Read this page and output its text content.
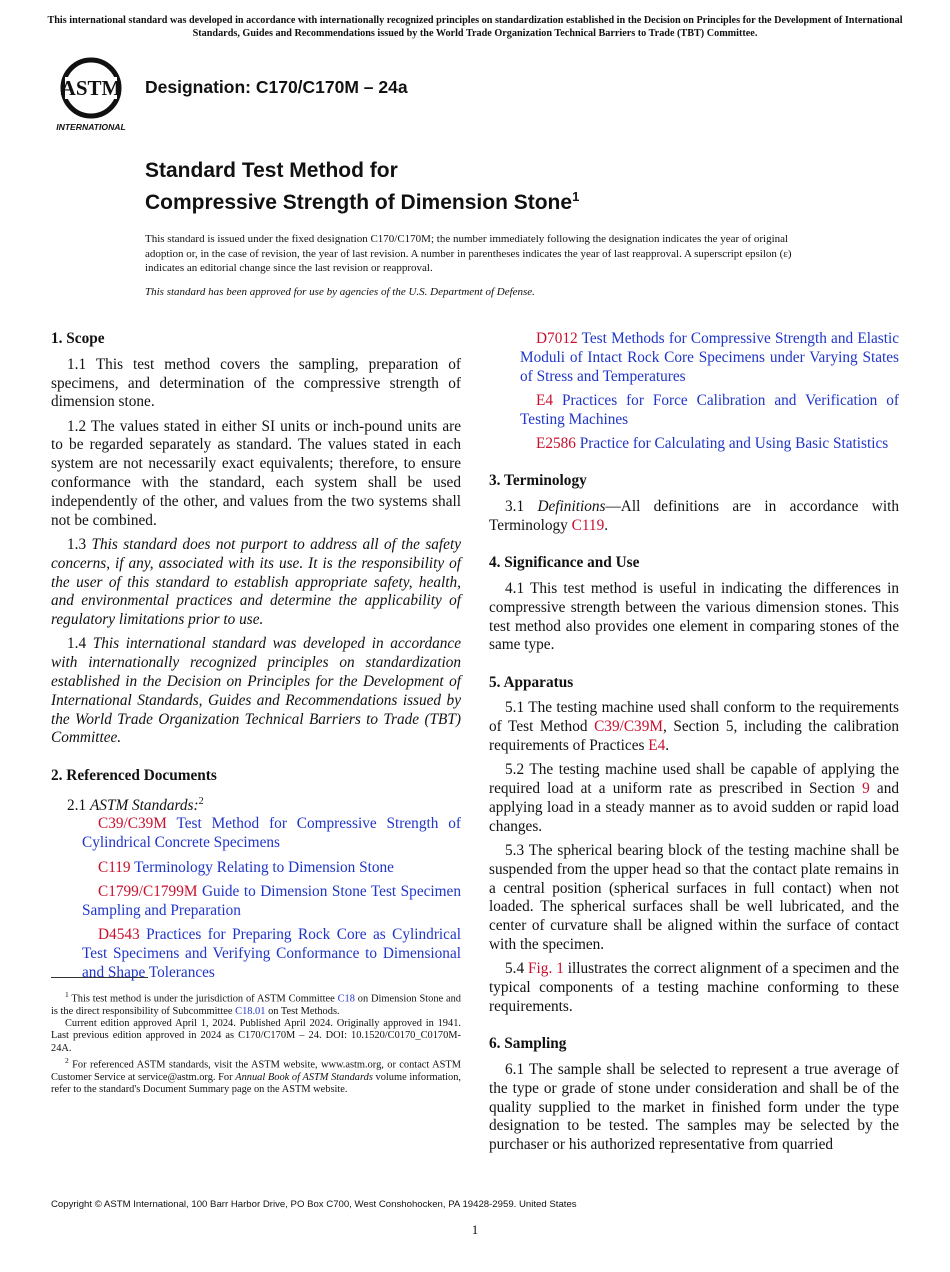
This international standard was developed in accordance with internationally recognized principles on standardization established in the Decision on Principles for the Development of International Standards, Guides and Recommendations issued by the World Trade Organization Technical Barriers to Trade (TBT) Committee.
ASTM
INTERNATIONAL
Designation: C170/C170M – 24a
Standard Test Method for
Compressive Strength of Dimension Stone$^1$
This standard is issued under the fixed designation C170/C170M; the number immediately following the designation indicates the year of original adoption or, in the case of revision, the year of last revision. A number in parentheses indicates the year of last reapproval. A superscript epsilon (ε) indicates an editorial change since the last revision or reapproval.
This standard has been approved for use by agencies of the U.S. Department of Defense.
1. Scope

1.1 This test method covers the sampling, preparation of specimens, and determination of the compressive strength of dimension stone.

1.2 The values stated in either SI units or inch-pound units are to be regarded separately as standard. The values stated in each system are not necessarily exact equivalents; therefore, to ensure conformance with the standard, each system shall be used independently of the other, and values from the two systems shall not be combined.

1.3 This standard does not purport to address all of the safety concerns, if any, associated with its use. It is the responsibility of the user of this standard to establish appropriate safety, health, and environmental practices and determine the applicability of regulatory limitations prior to use.

1.4 This international standard was developed in accordance with internationally recognized principles on standardization established in the Decision on Principles for the Development of International Standards, Guides and Recommendations issued by the World Trade Organization Technical Barriers to Trade (TBT) Committee.

2. Referenced Documents

2.1 ASTM Standards:$^2$

C39/C39M Test Method for Compressive Strength of Cylindrical Concrete Specimens

C119 Terminology Relating to Dimension Stone

C1799/C1799M Guide to Dimension Stone Test Specimen Sampling and Preparation

D4543 Practices for Preparing Rock Core as Cylindrical Test Specimens and Verifying Conformance to Dimensional and Shape Tolerances

$^1$ This test method is under the jurisdiction of ASTM Committee C18 on Dimension Stone and is the direct responsibility of Subcommittee C18.01 on Test Methods.

Current edition approved April 1, 2024. Published April 2024. Originally approved in 1941. Last previous edition approved in 2024 as C170/C170M – 24. DOI: 10.1520/C0170_C0170M-24A.

$^2$ For referenced ASTM standards, visit the ASTM website, www.astm.org, or contact ASTM Customer Service at service@astm.org. For Annual Book of ASTM Standards volume information, refer to the standard's Document Summary page on the ASTM website.

D7012 Test Methods for Compressive Strength and Elastic Moduli of Intact Rock Core Specimens under Varying States of Stress and Temperatures

E4 Practices for Force Calibration and Verification of Testing Machines

E2586 Practice for Calculating and Using Basic Statistics

3. Terminology

3.1 Definitions—All definitions are in accordance with Terminology C119.

4. Significance and Use

4.1 This test method is useful in indicating the differences in compressive strength between the various dimension stones. This test method also provides one element in comparing stones of the same type.

5. Apparatus

5.1 The testing machine used shall conform to the requirements of Test Method C39/C39M, Section 5, including the calibration requirements of Practices E4.

5.2 The testing machine used shall be capable of applying the required load at a uniform rate as prescribed in Section 9 and applying load in a steady manner as to avoid sudden or rapid load changes.

5.3 The spherical bearing block of the testing machine shall be suspended from the upper head so that the contact plate remains in a central position (spherical surfaces in full contact) when not loaded. The spherical surfaces shall be well lubricated, and the center of curvature shall be aligned within the surface of contact with the specimen.

5.4 Fig. 1 illustrates the correct alignment of a specimen and the typical components of a testing machine conforming to these requirements.

6. Sampling

6.1 The sample shall be selected to represent a true average of the type or grade of stone under consideration and shall be of the quality supplied to the market in finished form under the type designation to be tested. The samples may be selected by the purchaser or his authorized representative from quarried

Copyright © ASTM International, 100 Barr Harbor Drive, PO Box C700, West Conshohocken, PA 19428-2959. United States
1
